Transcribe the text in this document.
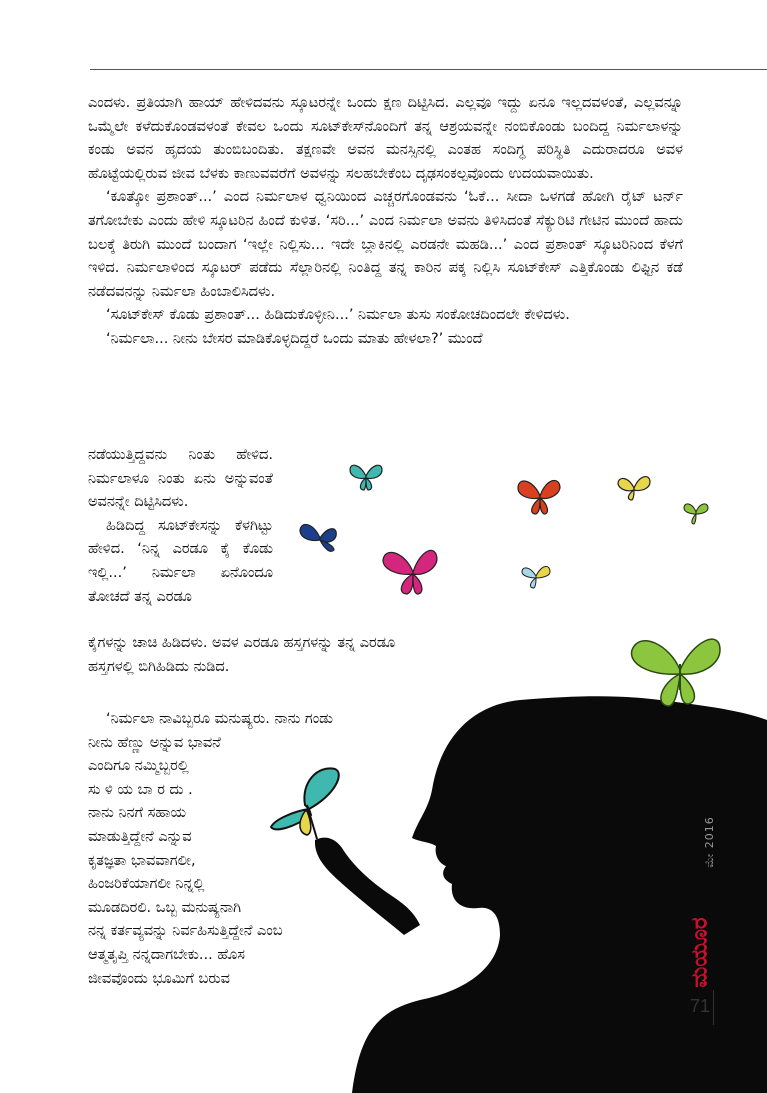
ಎಂದಳು. ಪ್ರತಿಯಾಗಿ ಹಾಯ್ ಹೇಳಿದವನು ಸ್ಕೂಟರನ್ನೇ ಒಂದು ಕ್ಷಣ ದಿಟ್ಟಿಸಿದ. ಎಲ್ಲವೂ ಇದ್ದು ಏನೂ ಇಲ್ಲದವಳಂತೆ, ಎಲ್ಲವನ್ನೂ ಒಮ್ಮೆಲೇ ಕಳೆದುಕೊಂಡವಳಂತೆ ಕೇವಲ ಒಂದು ಸೂಟ್‍ಕೇಸ್‍ನೊಂದಿಗೆ ತನ್ನ ಆಶ್ರಯವನ್ನೇ ನಂಬಿಕೊಂಡು ಬಂದಿದ್ದ ನಿರ್ಮಲಾಳನ್ನು ಕಂಡು ಅವನ ಹೃದಯ ತುಂಬಿಬಂದಿತು. ತಕ್ಷಣವೇ ಅವನ ಮನಸ್ಸಿನಲ್ಲಿ ಎಂತಹ ಸಂದಿಗ್ಧ ಪರಿಸ್ಥಿತಿ ಎದುರಾದರೂ ಅವಳ ಹೊಟ್ಟೆಯಲ್ಲಿರುವ ಜೀವ ಬೆಳಕು ಕಾಣುವವರೆಗೆ ಅವಳನ್ನು ಸಲಹಬೇಕೆಂಬ ದೃಢಸಂಕಲ್ಪವೊಂದು ಉದಯವಾಯಿತು.

‘ಕೂತ್ಕೋ ಪ್ರಶಾಂತ್...’ ಎಂದ ನಿರ್ಮಲಾಳ ಧ್ವನಿಯಿಂದ ಎಚ್ಚರಗೊಂಡವನು ‘ಓಕೆ... ಸೀದಾ ಒಳಗಡೆ ಹೋಗಿ ರೈಟ್ ಟರ್ನ್ ತಗೋಬೇಕು ಎಂದು ಹೇಳಿ ಸ್ಕೂಟರಿನ ಹಿಂದೆ ಕುಳಿತ. ‘ಸರಿ...’ ಎಂದ ನಿರ್ಮಲಾ ಅವನು ತಿಳಿಸಿದಂತೆ ಸೆಕ್ಯುರಿಟಿ ಗೇಟಿನ ಮುಂದೆ ಹಾದು ಬಲಕ್ಕೆ ತಿರುಗಿ ಮುಂದೆ ಬಂದಾಗ ‘ಇಲ್ಲೇ ನಿಲ್ಲಿಸು... ಇದೇ ಬ್ಲಾಕಿನಲ್ಲಿ ಎರಡನೇ ಮಹಡಿ...’ ಎಂದ ಪ್ರಶಾಂತ್ ಸ್ಕೂಟರಿನಿಂದ ಕೆಳಗೆ ಇಳಿದ. ನಿರ್ಮಲಾಳಿಂದ ಸ್ಕೂಟರ್ ಪಡೆದು ಸೆಲ್ಲಾರಿನಲ್ಲಿ ನಿಂತಿದ್ದ ತನ್ನ ಕಾರಿನ ಪಕ್ಕ ನಿಲ್ಲಿಸಿ ಸೂಟ್‍ಕೇಸ್ ಎತ್ತಿಕೊಂಡು ಲಿಫ್ಟಿನ ಕಡೆ ನಡೆದವನನ್ನು ನಿರ್ಮಲಾ ಹಿಂಬಾಲಿಸಿದಳು.

‘ಸೂಟ್‍ಕೇಸ್ ಕೊಡು ಪ್ರಶಾಂತ್... ಹಿಡಿದುಕೊಳ್ಳೀನಿ...’ ನಿರ್ಮಲಾ ತುಸು ಸಂಕೋಚದಿಂದಲೇ ಕೇಳಿದಳು.

‘ನಿರ್ಮಲಾ... ನೀನು ಬೇಸರ ಮಾಡಿಕೊಳ್ಳದಿದ್ದರೆ ಒಂದು ಮಾತು ಹೇಳಲಾ?’ ಮುಂದೆ

ನಡೆಯುತ್ತಿದ್ದವನು ನಿಂತು ಹೇಳಿದ. ನಿರ್ಮಲಾಳೂ ನಿಂತು ಏನು ಅನ್ನುವಂತೆ ಅವನನ್ನೇ ದಿಟ್ಟಿಸಿದಳು.

ಹಿಡಿದಿದ್ದ ಸೂಟ್‍ಕೇಸನ್ನು ಕೆಳಗಿಟ್ಟು ಹೇಳಿದ. ‘ನಿನ್ನ ಎರಡೂ ಕೈ ಕೊಡು ಇಲ್ಲಿ...’ ನಿರ್ಮಲಾ ಏನೊಂದೂ ತೋಚದೆ ತನ್ನ ಎರಡೂ

ಕೈಗಳನ್ನು ಚಾಚಿ ಹಿಡಿದಳು. ಅವಳ ಎರಡೂ ಹಸ್ತಗಳನ್ನು ತನ್ನ ಎರಡೂ ಹಸ್ತಗಳಲ್ಲಿ ಬಿಗಿಹಿಡಿದು ನುಡಿದ.

‘ನಿರ್ಮಲಾ ನಾವಿಬ್ಬರೂ ಮನುಷ್ಯರು. ನಾನು ಗಂಡು
ನೀನು ಹೆಣ್ಣು ಅನ್ನುವ ಭಾವನೆ
ಎಂದಿಗೂ ನಮ್ಮಿಬ್ಬರಲ್ಲಿ
ಸು ಳಿ ಯ ಬಾ ರ ದು .
ನಾನು ನಿನಗೆ ಸಹಾಯ
ಮಾಡುತ್ತಿದ್ದೇನೆ ಎನ್ನುವ
ಕೃತಜ್ಞತಾ ಭಾವವಾಗಲೀ,
ಹಿಂಜರಿಕೆಯಾಗಲೀ ನಿನ್ನಲ್ಲಿ
ಮೂಡದಿರಲಿ. ಒಬ್ಬ ಮನುಷ್ಯನಾಗಿ
ನನ್ನ ಕರ್ತವ್ಯವನ್ನು ನಿರ್ವಹಿಸುತ್ತಿದ್ದೇನೆ ಎಂಬ
ಆತ್ಮತೃಪ್ತಿ ನನ್ನದಾಗಬೇಕು... ಹೊಸ
ಜೀವವೊಂದು ಭೂಮಿಗೆ ಬರುವ
ಮೇ 2016
ಮಯೂರ
71
